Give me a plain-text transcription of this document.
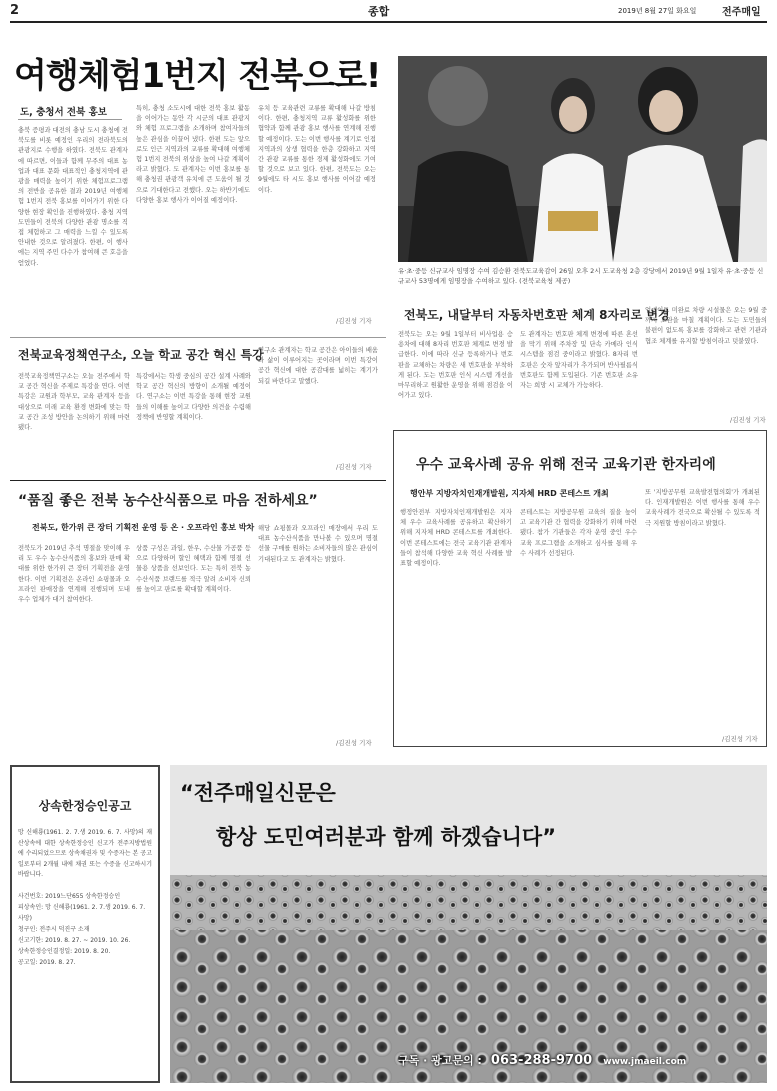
2	종합	2019년 8월 27일 화요일	전주매일
여행체험1번지 전북으로!
도, 충청서 전북 홍보
충북 증평과 대전의 충남 도시 충청에 전북도를 비롯 예정인 우리의 전라북도의 관광지로 수행을 하였다. 전북도 관계자에 따르면, 이들과 함께 무주의 대표 농업과 대표 문화 대표적인 충청지역에 관광을 매력을 높이기 위한 체험프로그램의 전반을 공유한 결과 2019년 여행체험 1번지 전북 홍보를 이어가기 위한 다양한 현장 확인을 진행하였다. 충청 지역 도민들이 전북의 다양한 관광 명소를 직접 체험하고 그 매력을 느낄 수 있도록 안내한 것으로 알려졌다. 한편, 이 행사에는 지역 주민 다수가 참여해 큰 호응을 얻었다.
특히, 충청 소도시에 대한 전북 홍보 활동을 이어가는 동안 각 시군의 대표 관광지와 체험 프로그램을 소개하며 참여자들의 높은 관심을 이끌어 냈다. 한편 도는 앞으로도 인근 지역과의 교류를 확대해 여행체험 1번지 전북의 위상을 높여 나갈 계획이라고 밝혔다. 도 관계자는 이번 홍보를 통해 충청권 관광객 유치에 큰 도움이 될 것으로 기대한다고 전했다. 오는 하반기에도 다양한 홍보 행사가 이어질 예정이다.
유치 등 교육관련 교류를 확대해 나갈 방침이다. 한편, 충청지역 교류 활성화를 위한 협약과 함께 관광 홍보 행사를 연계해 진행할 예정이다. 도는 이번 행사를 계기로 인접 지역과의 상생 협력을 한층 강화하고 지역 간 관광 교류를 통한 경제 활성화에도 기여할 것으로 보고 있다. 한편, 전북도는 오는 9월에도 타 시도 홍보 행사를 이어갈 예정이다.
/김진성 기자
유·초·중등 신규교사 임명장 수여 김승환 전북도교육감이 26일 오후 2시 도교육청 2층 강당에서 2019년 9월 1일자 유·초·중등 신규교사 53명에게 임명장을 수여하고 있다. (전북교육청 제공)
전북도, 내달부터 자동차번호판 체계 8자리로 변경
전북도는 오는 9월 1일부터 비사업용 승용차에 대해 8자리 번호판 체계로 변경 발급한다. 이에 따라 신규 등록하거나 번호판을 교체하는 차량은 새 번호판을 부착하게 된다. 도는 번호판 인식 시스템 개선을 마무리하고 원활한 운영을 위해 점검을 이어가고 있다.
도 관계자는 번호판 체계 변경에 따른 혼선을 막기 위해 주차장 및 단속 카메라 인식 시스템을 점검 중이라고 밝혔다. 8자리 번호판은 숫자 앞자리가 추가되며 반사필름식 번호판도 함께 도입된다. 기존 번호판 소유자는 희망 시 교체가 가능하다.
업데이트 미완료 차량 시설물은 오는 9월 중까지 보완을 마칠 계획이다. 도는 도민들의 불편이 없도록 홍보를 강화하고 관련 기관과 협조 체계를 유지할 방침이라고 덧붙였다.
/김진성 기자
전북교육정책연구소, 오늘 학교 공간 혁신 특강
전북교육정책연구소는 오늘 전주에서 학교 공간 혁신을 주제로 특강을 연다. 이번 특강은 교원과 학부모, 교육 관계자 등을 대상으로 미래 교육 환경 변화에 맞는 학교 공간 조성 방안을 논의하기 위해 마련됐다.
특강에서는 학생 중심의 공간 설계 사례와 학교 공간 혁신의 방향이 소개될 예정이다. 연구소는 이번 특강을 통해 현장 교원들의 이해를 높이고 다양한 의견을 수렴해 정책에 반영할 계획이다.
연구소 관계자는 학교 공간은 아이들의 배움과 삶이 이루어지는 곳이라며 이번 특강이 공간 혁신에 대한 공감대를 넓히는 계기가 되길 바란다고 말했다.
/김진성 기자
“품질 좋은 전북 농수산식품으로 마음 전하세요”
전북도, 한가위 큰 장터 기획전 운영 등 온 · 오프라인 홍보 박차
전북도가 2019년 추석 명절을 맞이해 우리 도 우수 농수산식품의 홍보와 판매 확대를 위한 한가위 큰 장터 기획전을 운영한다. 이번 기획전은 온라인 쇼핑몰과 오프라인 판매장을 연계해 진행되며 도내 우수 업체가 대거 참여한다.
상품 구성은 과일, 한우, 수산물 가공품 등으로 다양하며 할인 혜택과 함께 명절 선물용 상품을 선보인다. 도는 특히 전북 농수산식품 브랜드를 적극 알려 소비자 신뢰를 높이고 판로를 확대할 계획이다.
해당 쇼핑몰과 오프라인 매장에서 우리 도 대표 농수산식품을 만나볼 수 있으며 명절 선물 구매를 원하는 소비자들의 많은 관심이 기대된다고 도 관계자는 밝혔다.
/김진성 기자
우수 교육사례 공유 위해 전국 교육기관 한자리에
행안부 지방자치인재개발원, 지자체 HRD 콘테스트 개최
행정안전부 지방자치인재개발원은 지자체 우수 교육사례를 공유하고 확산하기 위해 지자체 HRD 콘테스트를 개최한다. 이번 콘테스트에는 전국 교육기관 관계자들이 참석해 다양한 교육 혁신 사례를 발표할 예정이다.
콘테스트는 지방공무원 교육의 질을 높이고 교육기관 간 협력을 강화하기 위해 마련됐다. 참가 기관들은 각자 운영 중인 우수 교육 프로그램을 소개하고 심사를 통해 우수 사례가 선정된다.
또 '지방공무원 교육발전협의회'가 개최된다. 인재개발원은 이번 행사를 통해 우수 교육사례가 전국으로 확산될 수 있도록 적극 지원할 방침이라고 밝혔다.
/김진성 기자
상속한정승인공고
망 신해룡(1961. 2. 7.생 2019. 6. 7. 사망)의 재산상속에 대한 상속한정승인 신고가 전주지방법원에 수리되었으므로 상속채권자 및 수증자는 본 공고일로부터 2개월 내에 채권 또는 수증을 신고하시기 바랍니다.
사건번호: 2019느단655 상속한정승인
피상속인: 망 신해룡(1961. 2. 7.생 2019. 6. 7. 사망)
청구인: 전주시 덕진구 소재
신고기한: 2019. 8. 27. ~ 2019. 10. 26.
상속한정승인결정일: 2019. 8. 20.
공고일: 2019. 8. 27.
“전주매일신문은
항상 도민여러분과 함께 하겠습니다”
구독 · 광고문의 : 063-288-9700 www.jmaeil.com
